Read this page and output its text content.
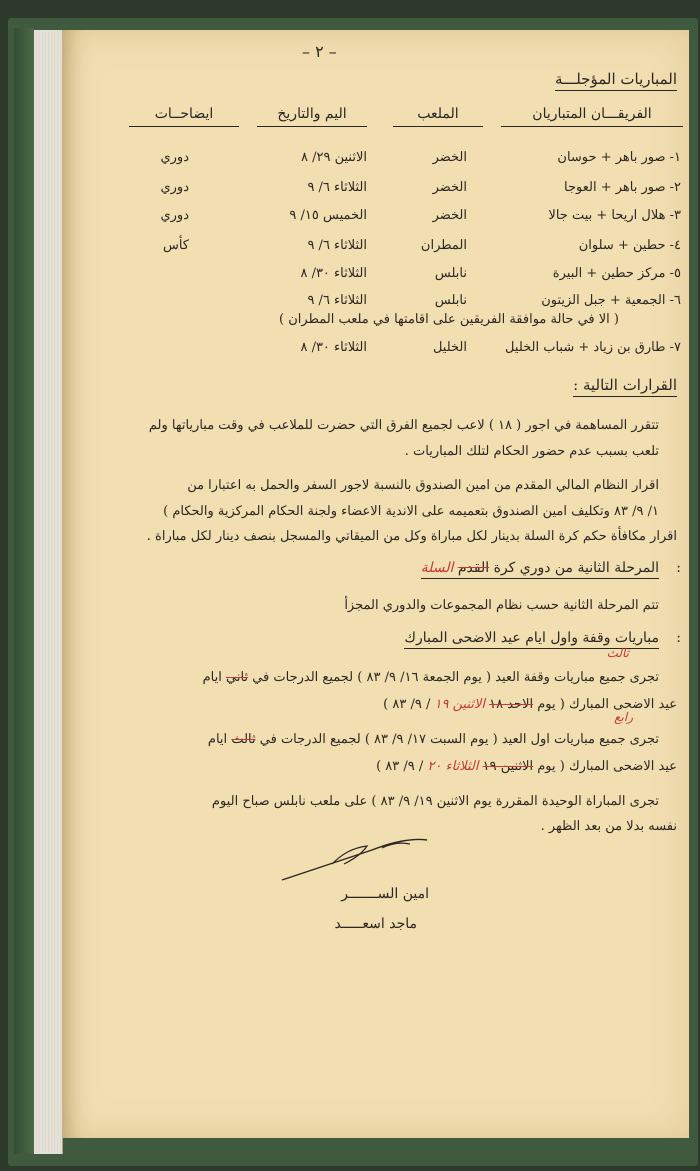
– ٢ –
المباريات المؤجلـــة
الفريقـــان المتباريان
الملعب
اليم والتاريخ
ايضاحــات
١- صور باهر + حوسان
الخضر
الاثنين ٢٩/ ٨
دوري
٢- صور باهر + العوجا
الخضر
الثلاثاء ٦/ ٩
دوري
٣- هلال اريحا + بيت جالا
الخضر
الخميس ١٥/ ٩
دوري
٤- حطين + سلوان
المطران
الثلاثاء ٦/ ٩
كأس
٥- مركز حطين + البيرة
نابلس
الثلاثاء ٣٠/ ٨
٦- الجمعية + جبل الزيتون
نابلس
الثلاثاء ٦/ ٩
( الا في حالة موافقة الفريقين على اقامتها في ملعب المطران )
٧- طارق بن زياد + شباب الخليل
الخليل
الثلاثاء ٣٠/ ٨
القرارات التالية :
تتقرر المساهمة في اجور ( ١٨ ) لاعب لجميع الفرق التي حضرت للملاعب في وقت مبارياتها ولم
تلعب بسبب عدم حضور الحكام لتلك المباريات .
اقرار النظام المالي المقدم من امين الصندوق بالنسبة لاجور السفر والحمل به اعتبارا من
١/ ٩/ ٨٣ وتكليف امين الصندوق بتعميمه على الاندية الاعضاء ولجنة الحكام المركزية والحكام )
اقرار مكافأة حكم كرة السلة بدينار لكل مباراة وكل من الميقاتي والمسجل بنصف دينار لكل مباراة .
:
المرحلة الثانية من دوري كرة القدم السلة
تتم المرحلة الثانية حسب نظام المجموعات والدوري المجزأ
:
مباريات وقفة واول ايام عيد الاضحى المبارك
ثالث
تجرى جميع مباريات وقفة العيد ( يوم الجمعة ١٦/ ٩/ ٨٣ ) لجميع الدرجات في ثاني ايام
عيد الاضحى المبارك ( يوم الاحد ١٨ الاثنين ١٩ / ٩/ ٨٣ )
رابع
تجرى جميع مباريات اول العيد ( يوم السبت ١٧/ ٩/ ٨٣ ) لجميع الدرجات في ثالث ايام
عيد الاضحى المبارك ( يوم الاثنين ١٩ الثلاثاء ٢٠ / ٩/ ٨٣ )
تجرى المباراة الوحيدة المقررة يوم الاثنين ١٩/ ٩/ ٨٣ ) على ملعب نابلس صباح اليوم
نفسه بدلا من بعد الظهر .
امين الســـــــر
ماجد اسعـــــد
